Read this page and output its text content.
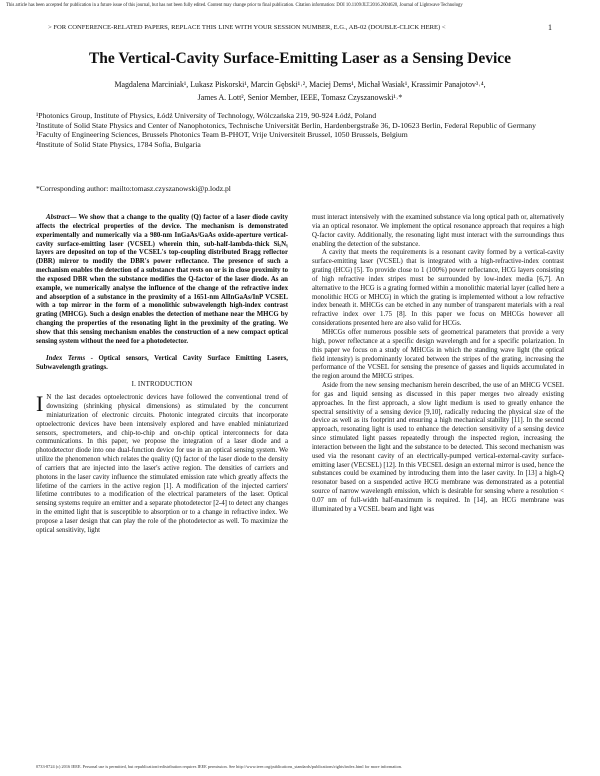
This article has been accepted for publication in a future issue of this journal, but has not been fully edited. Content may change prior to final publication. Citation information: DOI 10.1109/JLT.2016.2604620, Journal of Lightwave Technology
> FOR CONFERENCE-RELATED PAPERS, REPLACE THIS LINE WITH YOUR SESSION NUMBER, E.G., AB-02 (DOUBLE-CLICK HERE) <	1
The Vertical-Cavity Surface-Emitting Laser as a Sensing Device
Magdalena Marciniak¹, Lukasz Piskorski¹, Marcin Gębski¹˒², Maciej Dems¹, Michał Wasiak¹, Krassimir Panajotov³˒⁴,
James A. Lott², Senior Member, IEEE, Tomasz Czyszanowski¹˒*

¹Photonics Group, Institute of Physics, Łódź University of Technology, Wólczańska 219, 90-924 Łódź, Poland

²Institute of Solid State Physics and Center of Nanophotonics, Technische Universität Berlin, Hardenbergstraße 36, D-10623 Berlin, Federal Republic of Germany

³Faculty of Engineering Sciences, Brussels Photonics Team B-PHOT, Vrije Universiteit Brussel, 1050 Brussels, Belgium

⁴Institute of Solid State Physics, 1784 Sofia, Bulgaria

*Corresponding author: mailto:tomasz.czyszanowski@p.lodz.pl

Abstract— We show that a change to the quality (Q) factor of a laser diode cavity affects the electrical properties of the device. The mechanism is demonstrated experimentally and numerically via a 980-nm InGaAs/GaAs oxide-aperture vertical-cavity surface-emitting laser (VCSEL) wherein thin, sub-half-lambda-thick SiₓNᵧ layers are deposited on top of the VCSEL's top-coupling distributed Bragg reflector (DBR) mirror to modify the DBR's power reflectance. The presence of such a mechanism enables the detection of a substance that rests on or is in close proximity to the exposed DBR when the substance modifies the Q-factor of the laser diode. As an example, we numerically analyse the influence of the change of the refractive index and absorption of a substance in the proximity of a 1651-nm AlInGaAs/InP VCSEL with a top mirror in the form of a monolithic subwavelength high-index contrast grating (MHCG). Such a design enables the detection of methane near the MHCG by changing the properties of the resonating light in the proximity of the grating. We show that this sensing mechanism enables the construction of a new compact optical sensing system without the need for a photodetector.

Index Terms - Optical sensors, Vertical Cavity Surface Emitting Lasers, Subwavelength gratings.

I. INTRODUCTION

I N the last decades optoelectronic devices have followed the conventional trend of downsizing (shrinking physical dimensions) as stimulated by the concurrent miniaturization of electronic circuits. Photonic integrated circuits that incorporate optoelectronic devices have been intensively explored and have enabled miniaturized sensors, spectrometers, and chip-to-chip and on-chip optical interconnects for data communications. In this paper, we propose the integration of a laser diode and a photodetector diode into one dual-function device for use in an optical sensing system. We utilize the phenomenon which relates the quality (Q) factor of the laser diode to the density of carriers that are injected into the laser's active region. The densities of carriers and photons in the laser cavity influence the stimulated emission rate which greatly affects the lifetime of the carriers in the active region [1]. A modification of the injected carriers' lifetime contributes to a modification of the electrical parameters of the laser. Optical sensing systems require an emitter and a separate photodetector [2-4] to detect any changes in the emitted light that is susceptible to absorption or to a change in refractive index. We propose a laser design that can play the role of the photodetector as well. To maximize the optical sensitivity, light

must interact intensively with the examined substance via long optical path or, alternatively via an optical resonator. We implement the optical resonance approach that requires a high Q-factor cavity. Additionally, the resonating light must interact with the surroundings thus enabling the detection of the substance.

A cavity that meets the requirements is a resonant cavity formed by a vertical-cavity surface-emitting laser (VCSEL) that is integrated with a high-refractive-index contrast grating (HCG) [5]. To provide close to 1 (100%) power reflectance, HCG layers consisting of high refractive index stripes must be surrounded by low-index media [6,7]. An alternative to the HCG is a grating formed within a monolithic material layer (called here a monolithic HCG or MHCG) in which the grating is implemented without a low refractive index beneath it. MHCGs can be etched in any number of transparent materials with a real refractive index over 1.75 [8]. In this paper we focus on MHCGs however all considerations presented here are also valid for HCGs.

MHCGs offer numerous possible sets of geometrical parameters that provide a very high, power reflectance at a specific design wavelength and for a specific polarization. In this paper we focus on a study of MHCGs in which the standing wave light (the optical field intensity) is predominantly located between the stripes of the grating, increasing the performance of the VCSEL for sensing the presence of gasses and liquids accumulated in the region around the MHCG stripes.

Aside from the new sensing mechanism herein described, the use of an MHCG VCSEL for gas and liquid sensing as discussed in this paper merges two already existing approaches. In the first approach, a slow light medium is used to greatly enhance the spectral sensitivity of a sensing device [9,10], radically reducing the physical size of the device as well as its footprint and ensuring a high mechanical stability [11]. In the second approach, resonating light is used to enhance the detection sensitivity of a sensing device since stimulated light passes repeatedly through the inspected region, increasing the interaction between the light and the substance to be detected. This second mechanism was used via the resonant cavity of an electrically-pumped vertical-external-cavity surface-emitting laser (VECSEL) [12]. In this VECSEL design an external mirror is used, hence the substances could be examined by introducing them into the laser cavity. In [13] a high-Q resonator based on a suspended active HCG membrane was demonstrated as a potential source of narrow wavelength emission, which is desirable for sensing where a resolution < 0.07 nm of full-width half-maximum is required. In [14], an HCG membrane was illuminated by a VCSEL beam and light was

0733-8724 (c) 2016 IEEE. Personal use is permitted, but republication/redistribution requires IEEE permission. See http://www.ieee.org/publications_standards/publications/rights/index.html for more information.
